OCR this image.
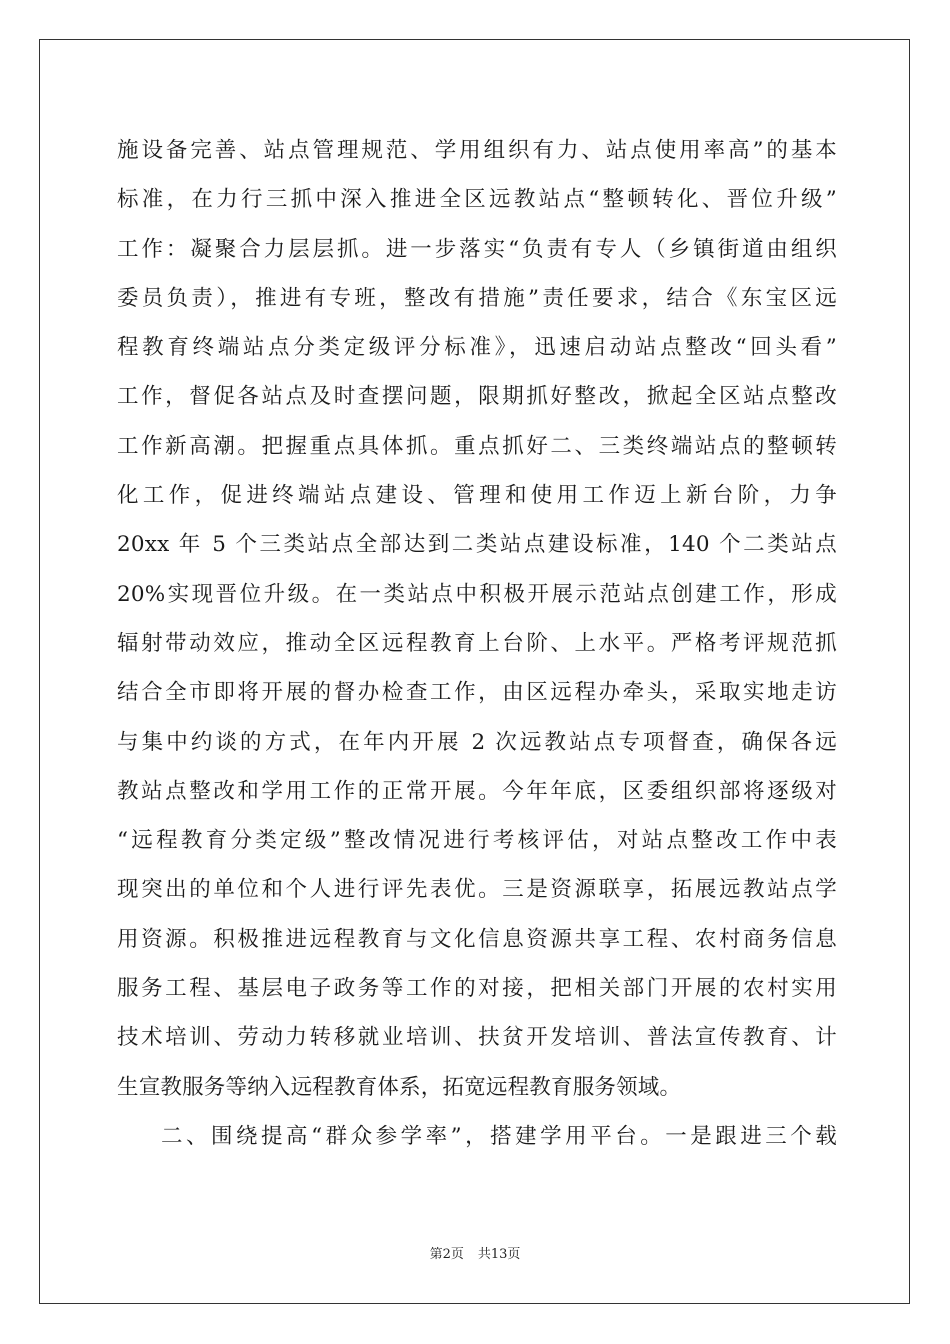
施设备完善、站点管理规范、学用组织有力、站点使用率高”的基本
标准，在力行三抓中深入推进全区远教站点“整顿转化、晋位升级”
工作：凝聚合力层层抓。进一步落实“负责有专人（乡镇街道由组织
委员负责），推进有专班，整改有措施”责任要求，结合《东宝区远
程教育终端站点分类定级评分标准》，迅速启动站点整改“回头看”
工作，督促各站点及时查摆问题，限期抓好整改，掀起全区站点整改
工作新高潮。把握重点具体抓。重点抓好二、三类终端站点的整顿转
化工作，促进终端站点建设、管理和使用工作迈上新台阶，力争
20xx 年 5 个三类站点全部达到二类站点建设标准，140 个二类站点
20%实现晋位升级。在一类站点中积极开展示范站点创建工作，形成
辐射带动效应，推动全区远程教育上台阶、上水平。严格考评规范抓
结合全市即将开展的督办检查工作，由区远程办牵头，采取实地走访
与集中约谈的方式，在年内开展 2 次远教站点专项督查，确保各远
教站点整改和学用工作的正常开展。今年年底，区委组织部将逐级对
“远程教育分类定级”整改情况进行考核评估，对站点整改工作中表
现突出的单位和个人进行评先表优。三是资源联享，拓展远教站点学
用资源。积极推进远程教育与文化信息资源共享工程、农村商务信息
服务工程、基层电子政务等工作的对接，把相关部门开展的农村实用
技术培训、劳动力转移就业培训、扶贫开发培训、普法宣传教育、计
生宣教服务等纳入远程教育体系，拓宽远程教育服务领域。
二、围绕提高“群众参学率”，搭建学用平台。一是跟进三个载
第2页 共13页
